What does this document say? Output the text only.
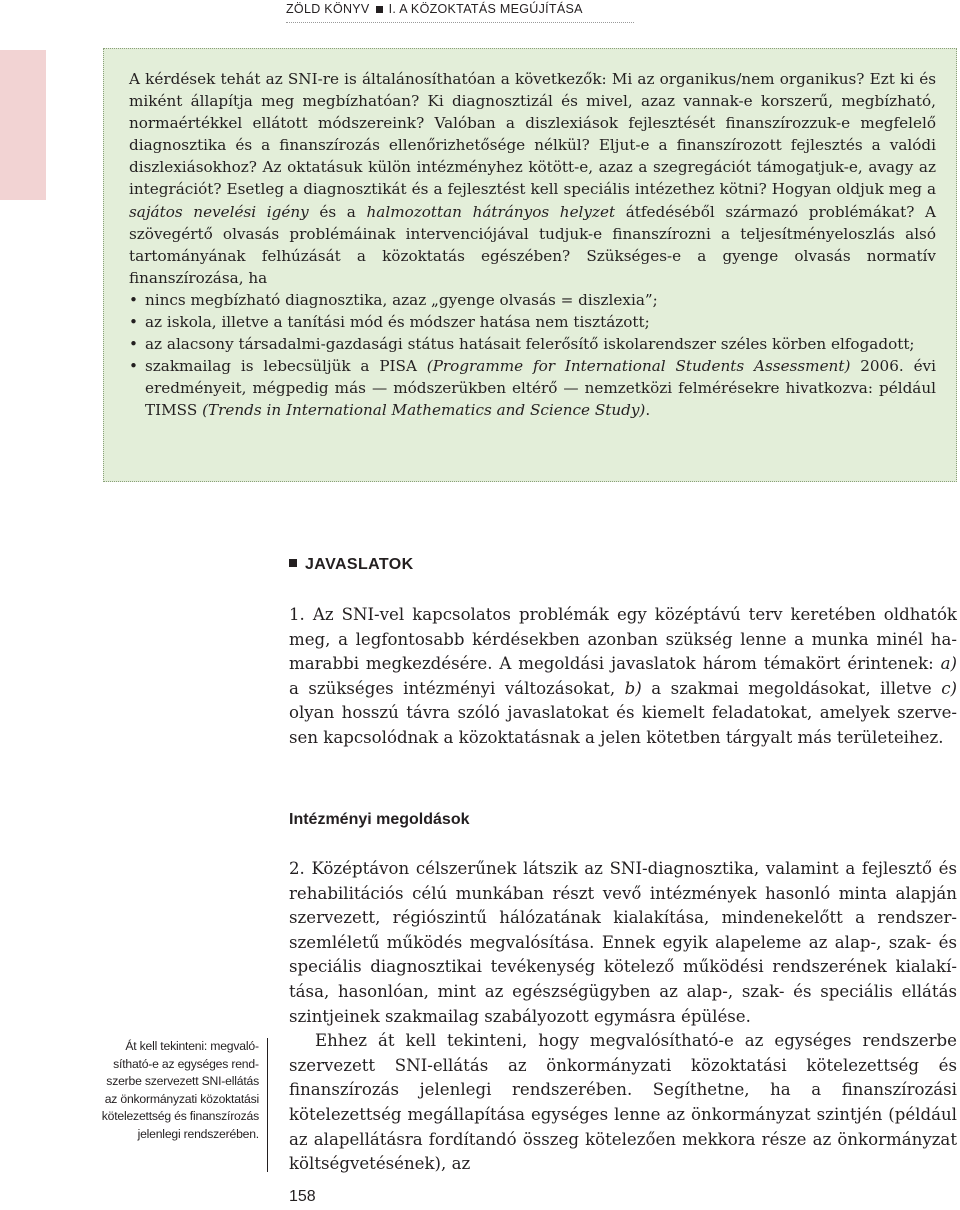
ZÖLD KÖNYV I. A KÖZOKTATÁS MEGÚJÍTÁSA

A kérdések tehát az SNI-re is általánosíthatóan a következők: Mi az organikus/nem organikus? Ezt ki és miként állapítja meg megbízhatóan? Ki diagnosztizál és mivel, azaz vannak-e korszerű, megbízható, normaértékkel ellátott módszereink? Valóban a diszlexiások fejlesztését finanszírozzuk-e megfelelő diagnosztika és a finanszírozás ellenőrizhetősége nélkül? Eljut-e a finanszírozott fejlesztés a valódi diszlexiásokhoz? Az oktatásuk külön intézményhez kötött-e, azaz a szegregációt támogatjuk-e, avagy az integrációt? Esetleg a diagnosztikát és a fejlesztést kell speciális intézethez kötni? Hogyan oldjuk meg a sajátos nevelési igény és a halmozottan hátrányos helyzet átfedéséből származó problémákat? A szövegértő olvasás problémáinak intervenciójával tudjuk-e finanszírozni a teljesítményeloszlás alsó tartományának felhúzását a közoktatás egészében? Szükséges-e a gyenge olvasás normatív finanszírozása, ha

• nincs megbízható diagnosztika, azaz „gyenge olvasás = diszlexia”;
• az iskola, illetve a tanítási mód és módszer hatása nem tisztázott;
• az alacsony társadalmi-gazdasági státus hatásait felerősítő iskolarendszer széles körben elfogadott;
• szakmailag is lebecsüljük a PISA (Programme for International Students Assessment) 2006. évi eredményeit, mégpedig más — módszerükben eltérő — nemzetközi felmérésekre hivatkozva: például TIMSS (Trends in International Mathematics and Science Study).
JAVASLATOK

1. Az SNI-vel kapcsolatos problémák egy középtávú terv keretében oldhatók meg, a legfontosabb kérdésekben azonban szükség lenne a munka minél hamarabbi megkezdésére. A megoldási javaslatok három témakört érintenek: a) a szükséges intézményi változásokat, b) a szakmai megoldásokat, illetve c) olyan hosszú távra szóló javaslatokat és kiemelt feladatokat, amelyek szervesen kapcsolódnak a közoktatásnak a jelen kötetben tárgyalt más területeihez.

Intézményi megoldások
2. Középtávon célszerűnek látszik az SNI-diagnosztika, valamint a fejlesztő és rehabilitációs célú munkában részt vevő intézmények hasonló minta alapján szervezett, régiószintű hálózatának kialakítása, mindenekelőtt a rendszerszemléletű működés megvalósítása. Ennek egyik alapeleme az alap-, szak- és speciális diagnosztikai tevékenység kötelező működési rendszerének kialakítása, hasonlóan, mint az egészségügyben az alap-, szak- és speciális ellátás szintjeinek szakmailag szabályozott egymásra épülése.
Ehhez át kell tekinteni, hogy megvalósítható-e az egységes rendszerbe szervezett SNI-ellátás az önkormányzati közoktatási kötelezettség és finanszírozás jelenlegi rendszerében. Segíthetne, ha a finanszírozási kötelezettség megállapítása egységes lenne az önkormányzat szintjén (például az alapellátásra fordítandó összeg kötelezően mekkora része az önkormányzat költségvetésének), az
Át kell tekinteni: megvalósítható-e az egységes rendszerbe szervezett SNI-ellátás az önkormányzati közoktatási kötelezettség és finanszírozás jelenlegi rendszerében.
158
